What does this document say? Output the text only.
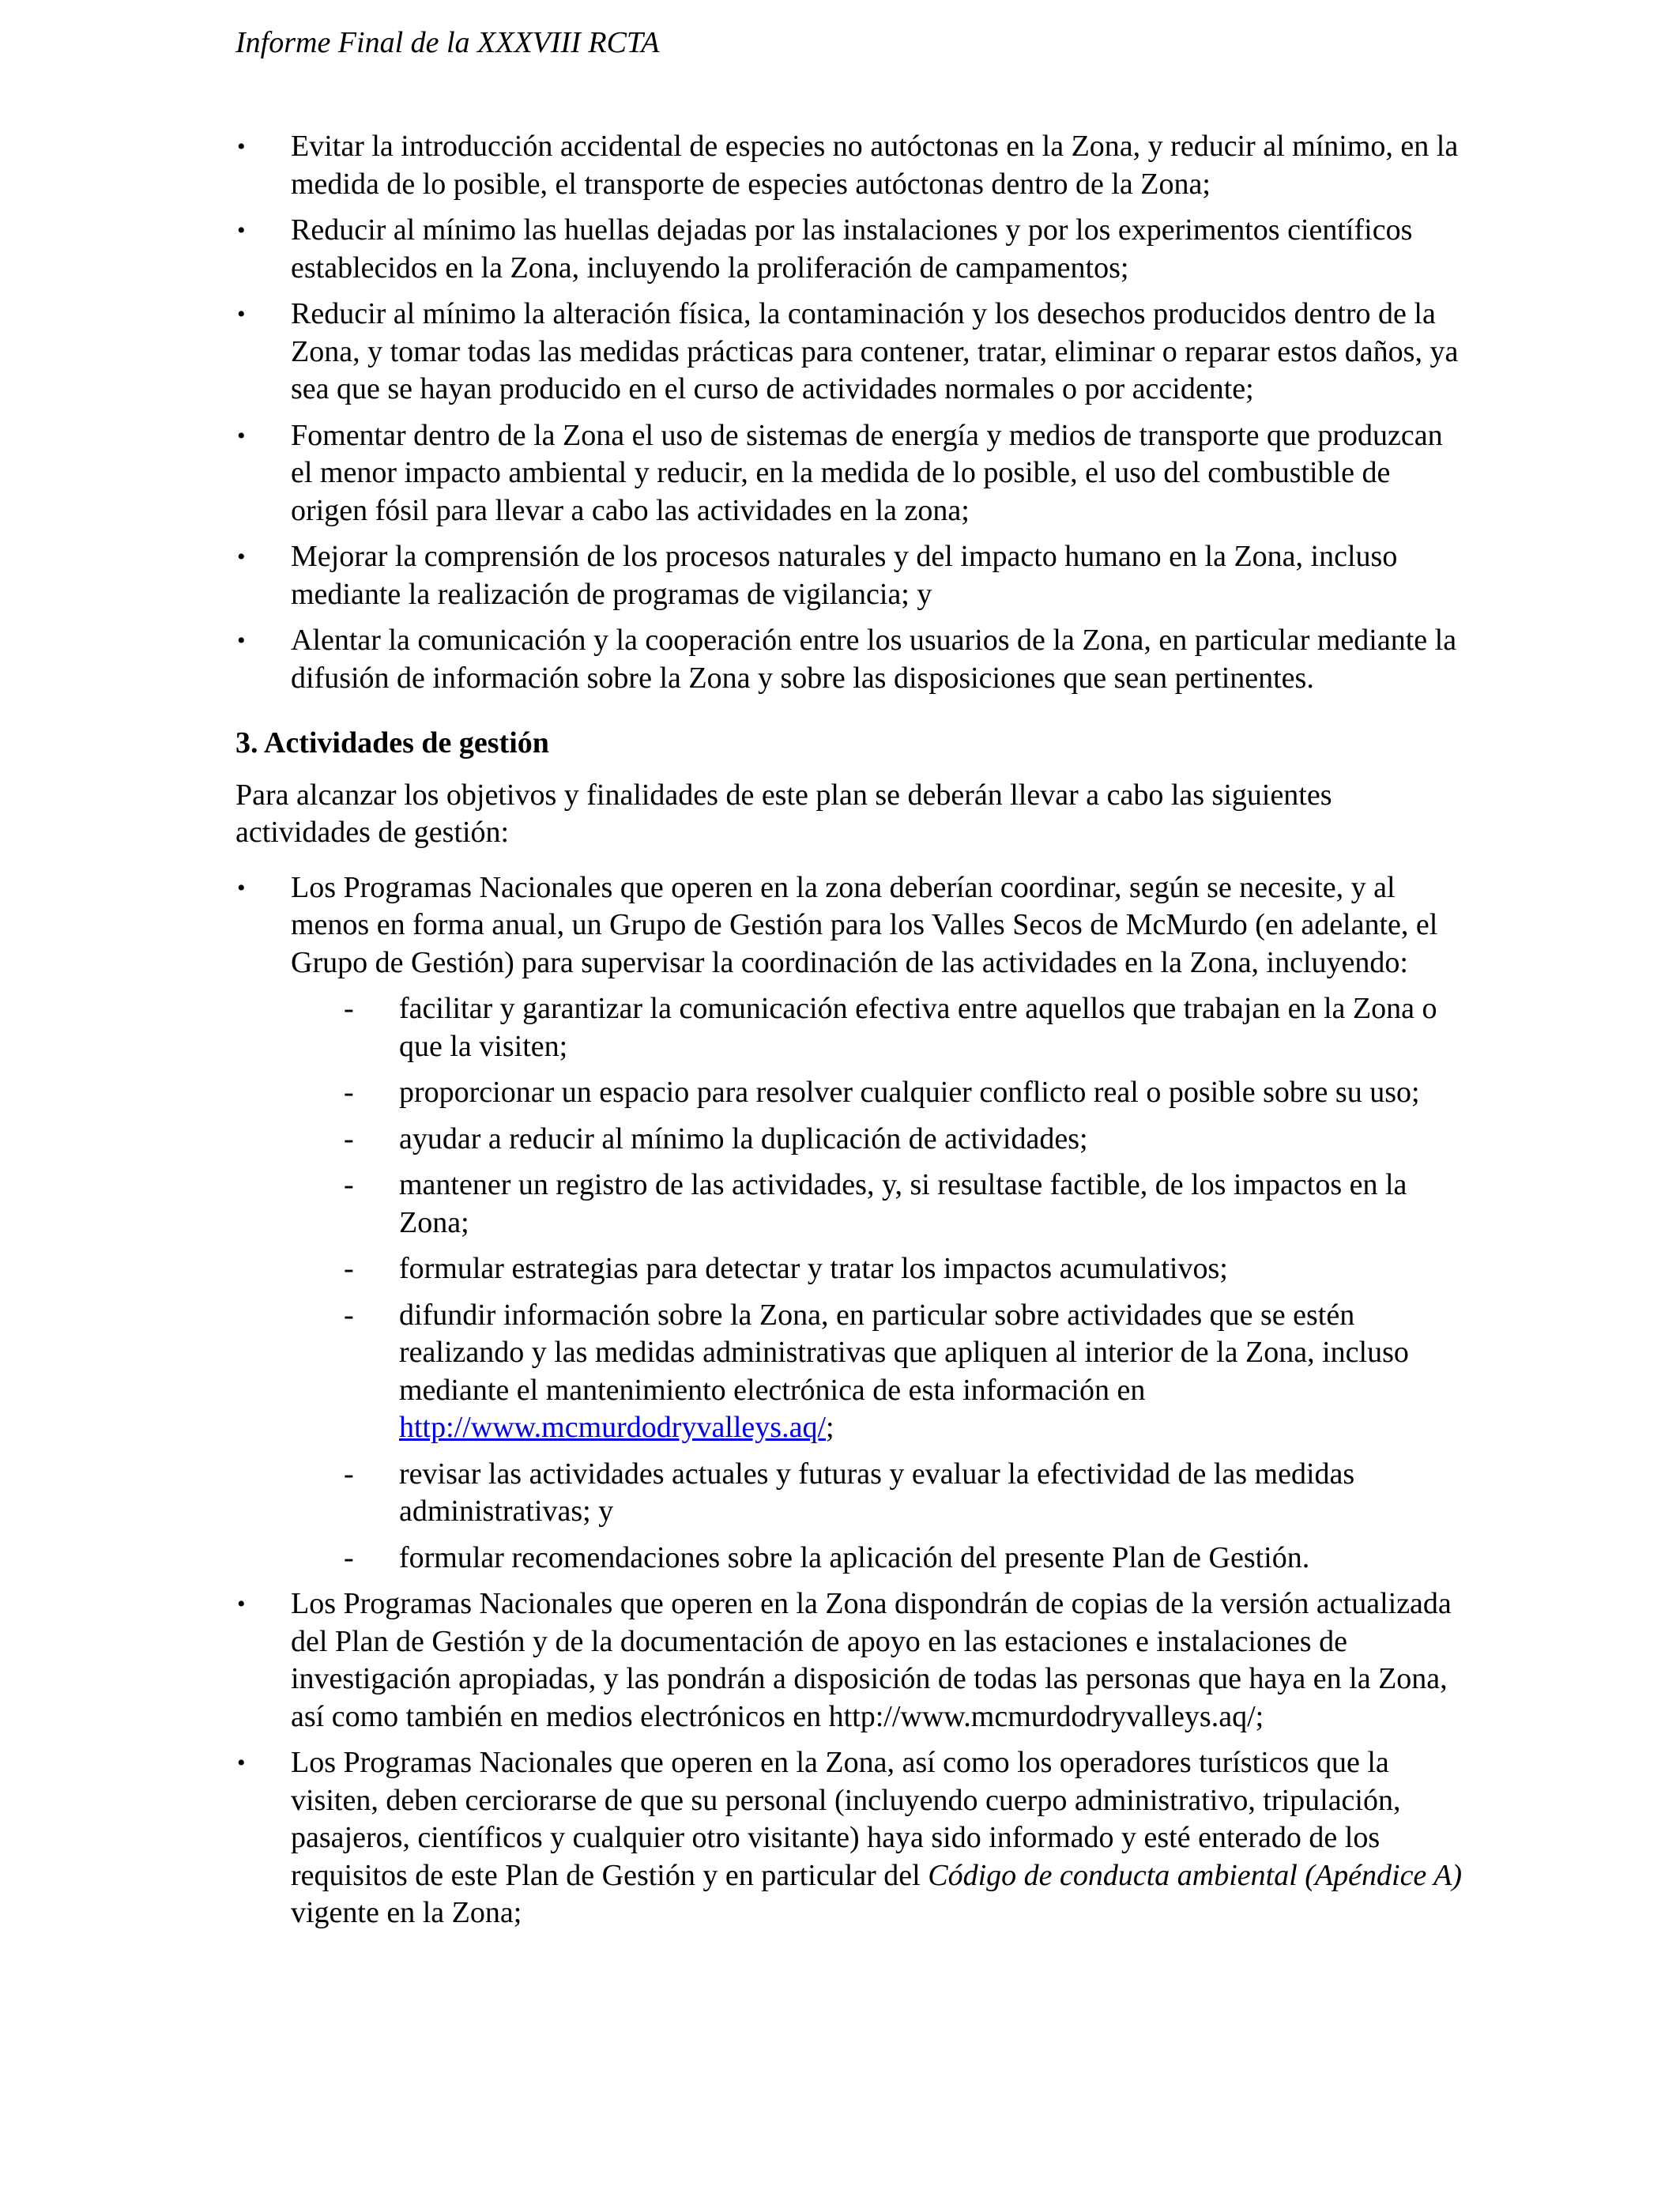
Informe Final de la XXXVIII RCTA
• Evitar la introducción accidental de especies no autóctonas en la Zona, y reducir al mínimo, en la medida de lo posible, el transporte de especies autóctonas dentro de la Zona;
• Reducir al mínimo las huellas dejadas por las instalaciones y por los experimentos científicos establecidos en la Zona, incluyendo la proliferación de campamentos;
• Reducir al mínimo la alteración física, la contaminación y los desechos producidos dentro de la Zona, y tomar todas las medidas prácticas para contener, tratar, eliminar o reparar estos daños, ya sea que se hayan producido en el curso de actividades normales o por accidente;
• Fomentar dentro de la Zona el uso de sistemas de energía y medios de transporte que produzcan el menor impacto ambiental y reducir, en la medida de lo posible, el uso del combustible de origen fósil para llevar a cabo las actividades en la zona;
• Mejorar la comprensión de los procesos naturales y del impacto humano en la Zona, incluso mediante la realización de programas de vigilancia; y
• Alentar la comunicación y la cooperación entre los usuarios de la Zona, en particular mediante la difusión de información sobre la Zona y sobre las disposiciones que sean pertinentes.
3. Actividades de gestión

Para alcanzar los objetivos y finalidades de este plan se deberán llevar a cabo las siguientes actividades de gestión:

• Los Programas Nacionales que operen en la zona deberían coordinar, según se necesite, y al menos en forma anual, un Grupo de Gestión para los Valles Secos de McMurdo (en adelante, el Grupo de Gestión) para supervisar la coordinación de las actividades en la Zona, incluyendo:
- facilitar y garantizar la comunicación efectiva entre aquellos que trabajan en la Zona o que la visiten;
- proporcionar un espacio para resolver cualquier conflicto real o posible sobre su uso;
- ayudar a reducir al mínimo la duplicación de actividades;
- mantener un registro de las actividades, y, si resultase factible, de los impactos en la Zona;
- formular estrategias para detectar y tratar los impactos acumulativos;
- difundir información sobre la Zona, en particular sobre actividades que se estén realizando y las medidas administrativas que apliquen al interior de la Zona, incluso mediante el mantenimiento electrónica de esta información en http://www.mcmurdodryvalleys.aq/;
- revisar las actividades actuales y futuras y evaluar la efectividad de las medidas administrativas; y
- formular recomendaciones sobre la aplicación del presente Plan de Gestión.
• Los Programas Nacionales que operen en la Zona dispondrán de copias de la versión actualizada del Plan de Gestión y de la documentación de apoyo en las estaciones e instalaciones de investigación apropiadas, y las pondrán a disposición de todas las personas que haya en la Zona, así como también en medios electrónicos en http://www.mcmurdodryvalleys.aq/;
• Los Programas Nacionales que operen en la Zona, así como los operadores turísticos que la visiten, deben cerciorarse de que su personal (incluyendo cuerpo administrativo, tripulación, pasajeros, científicos y cualquier otro visitante) haya sido informado y esté enterado de los requisitos de este Plan de Gestión y en particular del Código de conducta ambiental (Apéndice A) vigente en la Zona;
